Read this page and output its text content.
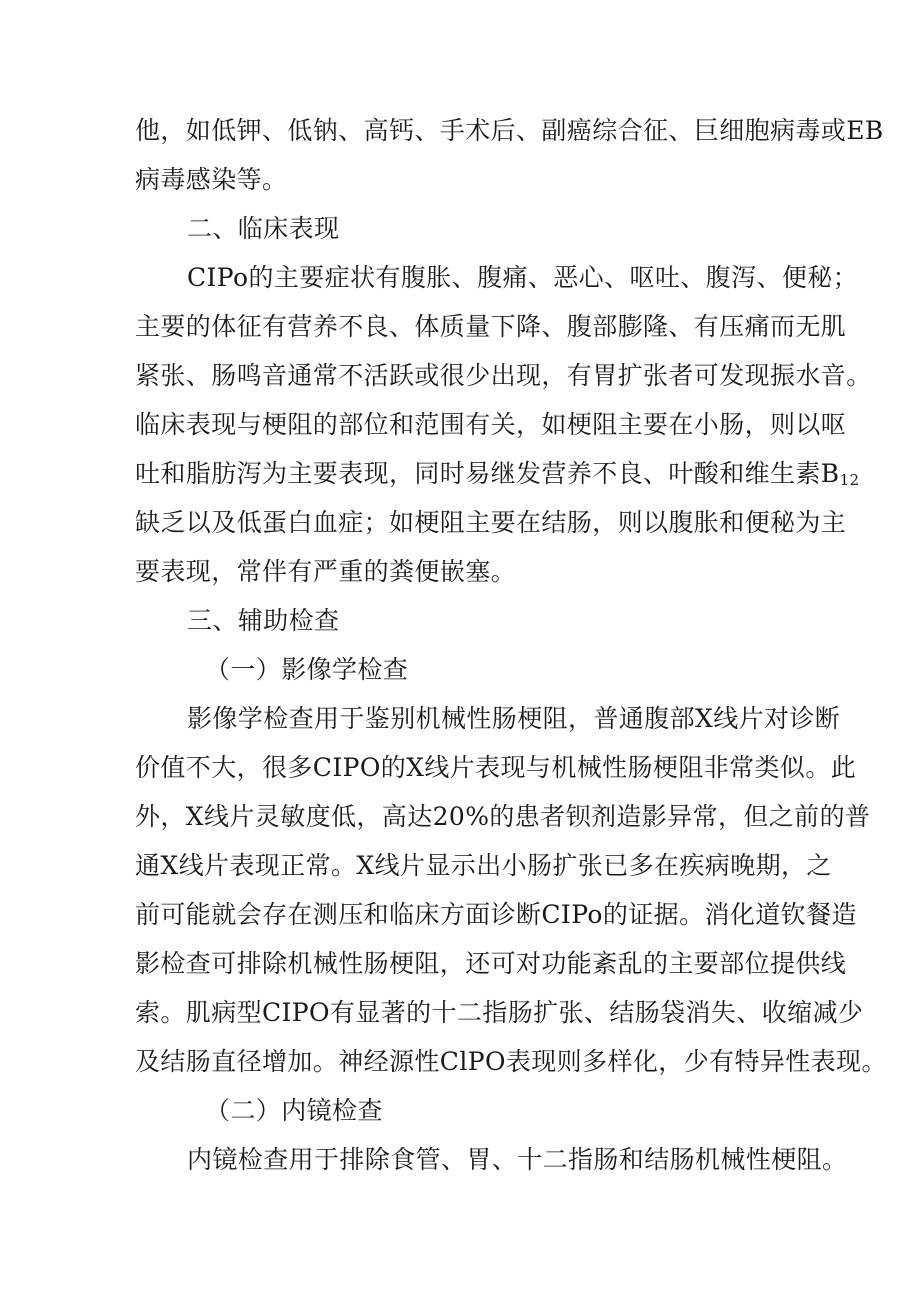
他，如低钾、低钠、高钙、手术后、副癌综合征、巨细胞病毒或EB
病毒感染等。
二、临床表现
CIPo的主要症状有腹胀、腹痛、恶心、呕吐、腹泻、便秘；
主要的体征有营养不良、体质量下降、腹部膨隆、有压痛而无肌
紧张、肠鸣音通常不活跃或很少出现，有胃扩张者可发现振水音。
临床表现与梗阻的部位和范围有关，如梗阻主要在小肠，则以呕
吐和脂肪泻为主要表现，同时易继发营养不良、叶酸和维生素$B_{12}$
缺乏以及低蛋白血症；如梗阻主要在结肠，则以腹胀和便秘为主
要表现，常伴有严重的粪便嵌塞。
三、辅助检查
（一）影像学检查
影像学检查用于鉴别机械性肠梗阻，普通腹部X线片对诊断
价值不大，很多CIPO的X线片表现与机械性肠梗阻非常类似。此
外，X线片灵敏度低，高达20%的患者钡剂造影异常，但之前的普
通X线片表现正常。X线片显示出小肠扩张已多在疾病晚期，之
前可能就会存在测压和临床方面诊断CIPo的证据。消化道钦餐造
影检查可排除机械性肠梗阻，还可对功能紊乱的主要部位提供线
索。肌病型CIPO有显著的十二指肠扩张、结肠袋消失、收缩减少
及结肠直径增加。神经源性ClPO表现则多样化，少有特异性表现。
（二）内镜检查
内镜检查用于排除食管、胃、十二指肠和结肠机械性梗阻。
